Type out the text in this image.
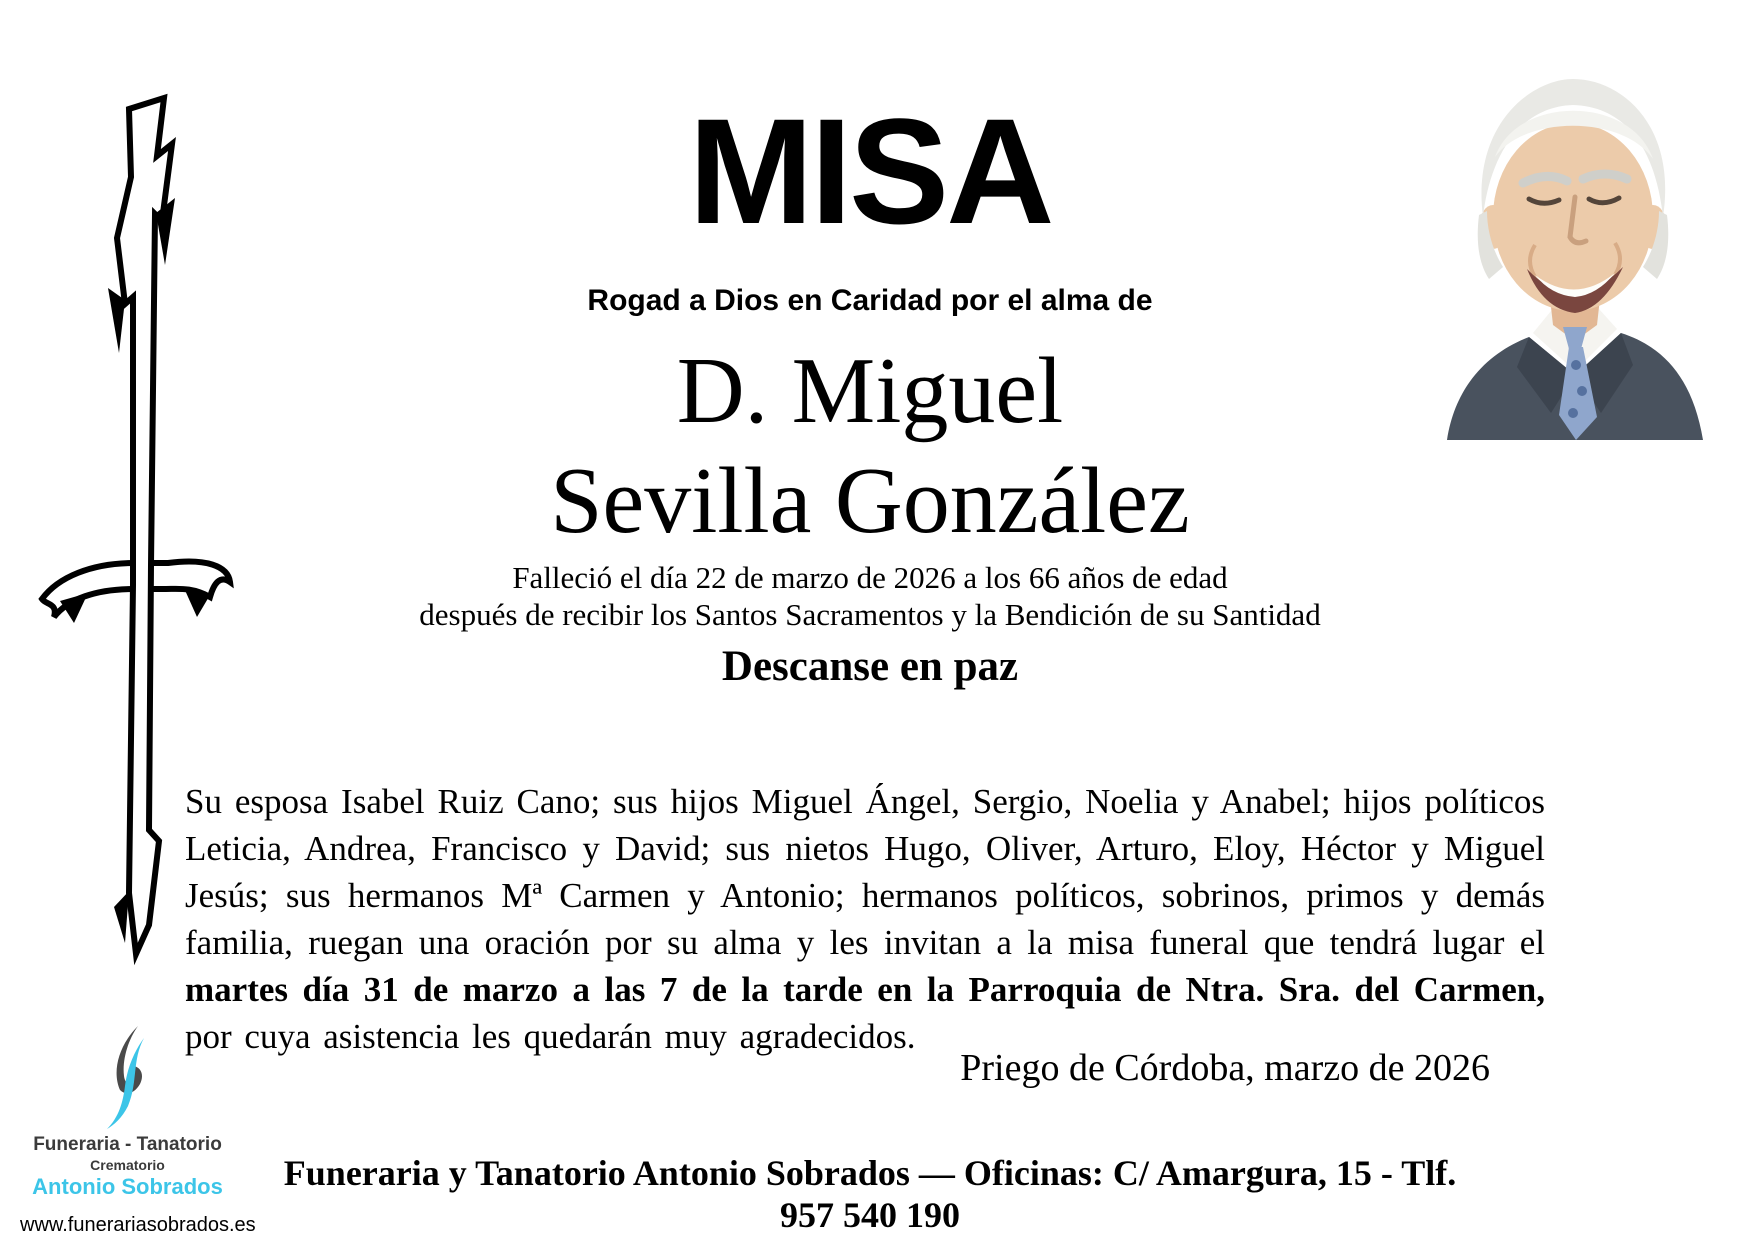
MISA
Rogad a Dios en Caridad por el alma de
D. Miguel
Sevilla González
Falleció el día 22 de marzo de 2026 a los 66 años de edad
después de recibir los Santos Sacramentos y la Bendición de su Santidad
Descanse en paz

Su esposa Isabel Ruiz Cano; sus hijos Miguel Ángel, Sergio, Noelia y Anabel; hijos políticos Leticia, Andrea, Francisco y David; sus nietos Hugo, Oliver, Arturo, Eloy, Héctor y Miguel Jesús; sus hermanos Mª Carmen y Antonio; hermanos políticos, sobrinos, primos y demás familia, ruegan una oración por su alma y les invitan a la misa funeral que tendrá lugar el martes día 31 de marzo a las 7 de la tarde en la Parroquia de Ntra. Sra. del Carmen, por cuya asistencia les quedarán muy agradecidos.

Priego de Córdoba, marzo de 2026
Funeraria y Tanatorio Antonio Sobrados — Oficinas: C/ Amargura, 15 - Tlf. 957 540 190
Funeraria - Tanatorio
Crematorio
Antonio Sobrados
www.funerariasobrados.es
